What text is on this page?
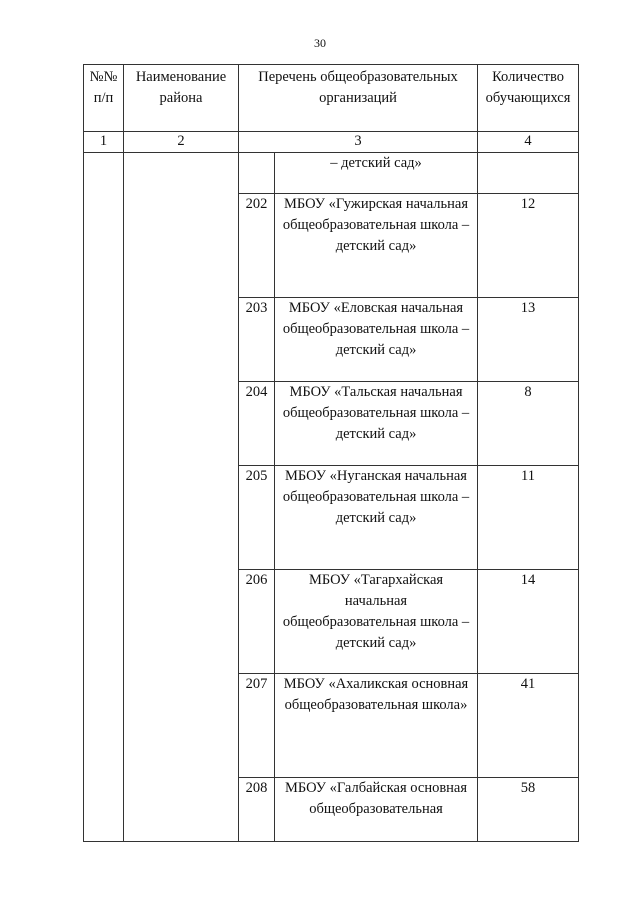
30
№№ п/п	Наименование района	Перечень общеобразовательных организаций		Количество обучающихся
1	2	3		4
			– детский сад»	
		202	МБОУ «Гужирская начальная общеобразовательная школа – детский сад»	12
		203	МБОУ «Еловская начальная общеобразовательная школа – детский сад»	13
		204	МБОУ «Тальская начальная общеобразовательная школа – детский сад»	8
		205	МБОУ «Нуганская начальная общеобразовательная школа – детский сад»	11
		206	МБОУ «Тагархайская начальная общеобразовательная школа – детский сад»	14
		207	МБОУ «Ахаликская основная общеобразовательная школа»	41
		208	МБОУ «Галбайская основная общеобразовательная	58
